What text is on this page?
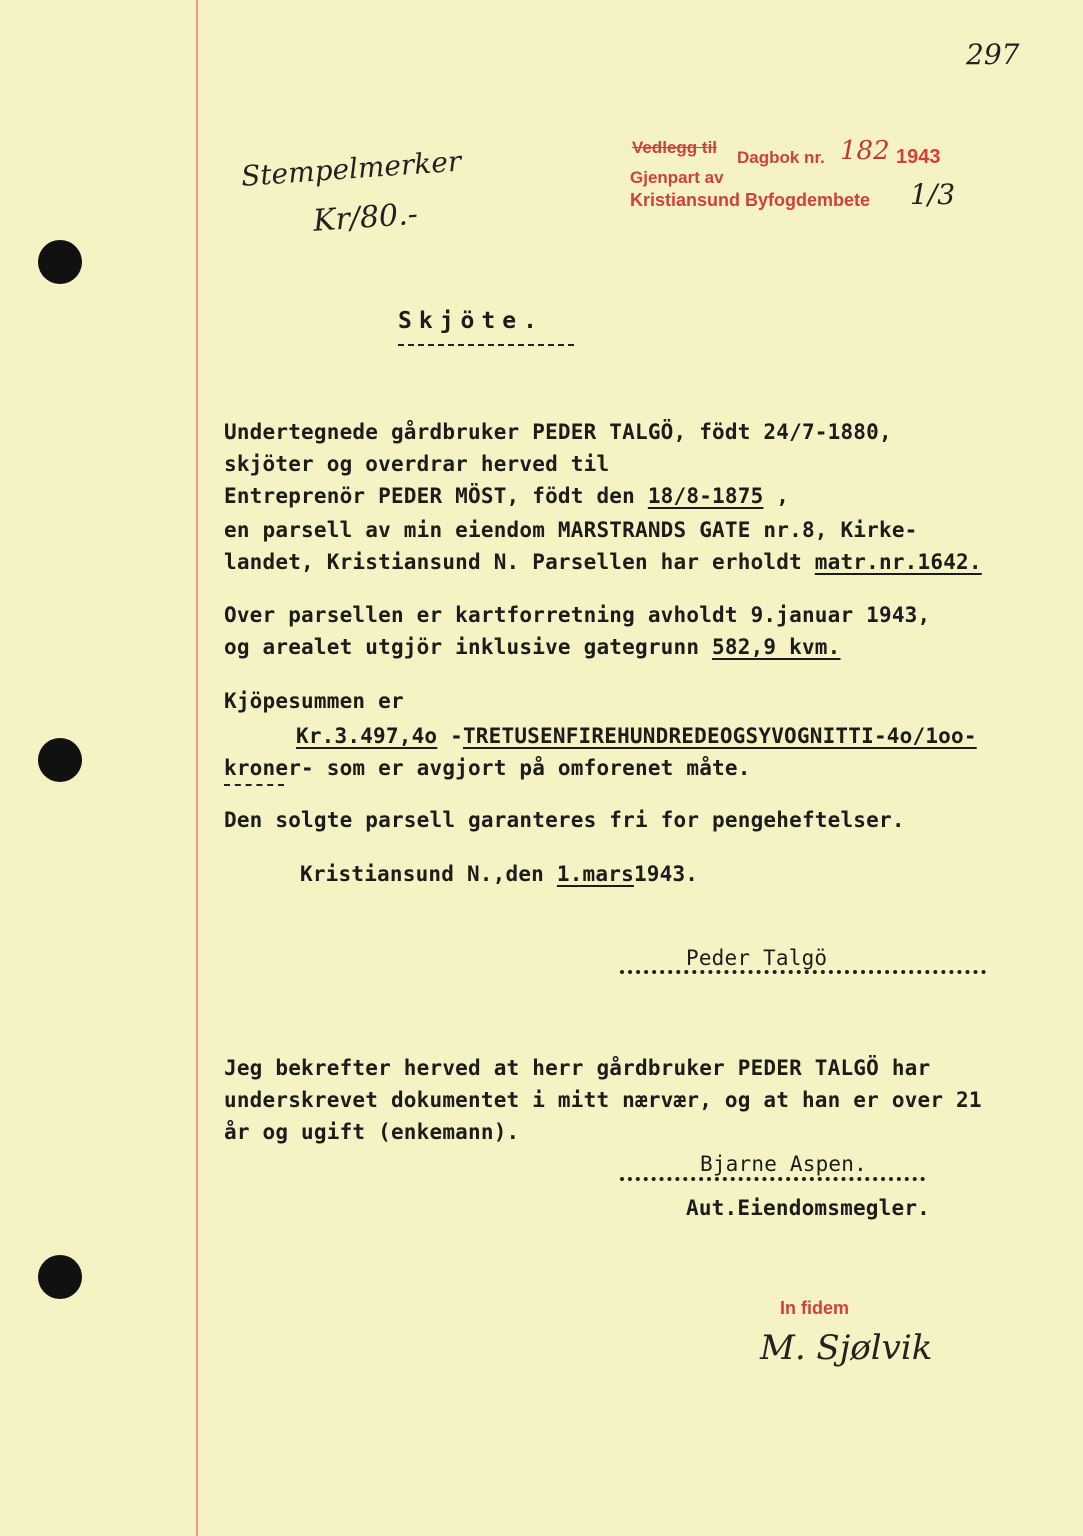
297
Vedlegg til
Dagbok nr. 182 1943
Gjenpart av
Kristiansund Byfogdembete 1/3
Stempelmerker
Kr/80.-
Skjöte.
Undertegnede gårdbruker PEDER TALGÖ, födt 24/7-1880,
skjöter og overdrar herved til
Entreprenör PEDER MÖST, födt den 18/8-1875 ,
en parsell av min eiendom MARSTRANDS GATE nr.8, Kirke-
landet, Kristiansund N. Parsellen har erholdt matr.nr.1642.
Over parsellen er kartforretning avholdt 9.januar 1943,
og arealet utgjör inklusive gategrunn 582,9 kvm.
Kjöpesummen er
Kr.3.497,4o -TRETUSENFIREHUNDREDEOGSYVOGNITTI-4o/1oo-
kroner- som er avgjort på omforenet måte.
Den solgte parsell garanteres fri for pengeheftelser.
Kristiansund N.,den 1.mars1943.
Peder Talgö
Jeg bekrefter herved at herr gårdbruker PEDER TALGÖ har
underskrevet dokumentet i mitt nærvær, og at han er over 21
år og ugift (enkemann).
Bjarne Aspen.
Aut.Eiendomsmegler.
In fidem
M. Sjølvik
